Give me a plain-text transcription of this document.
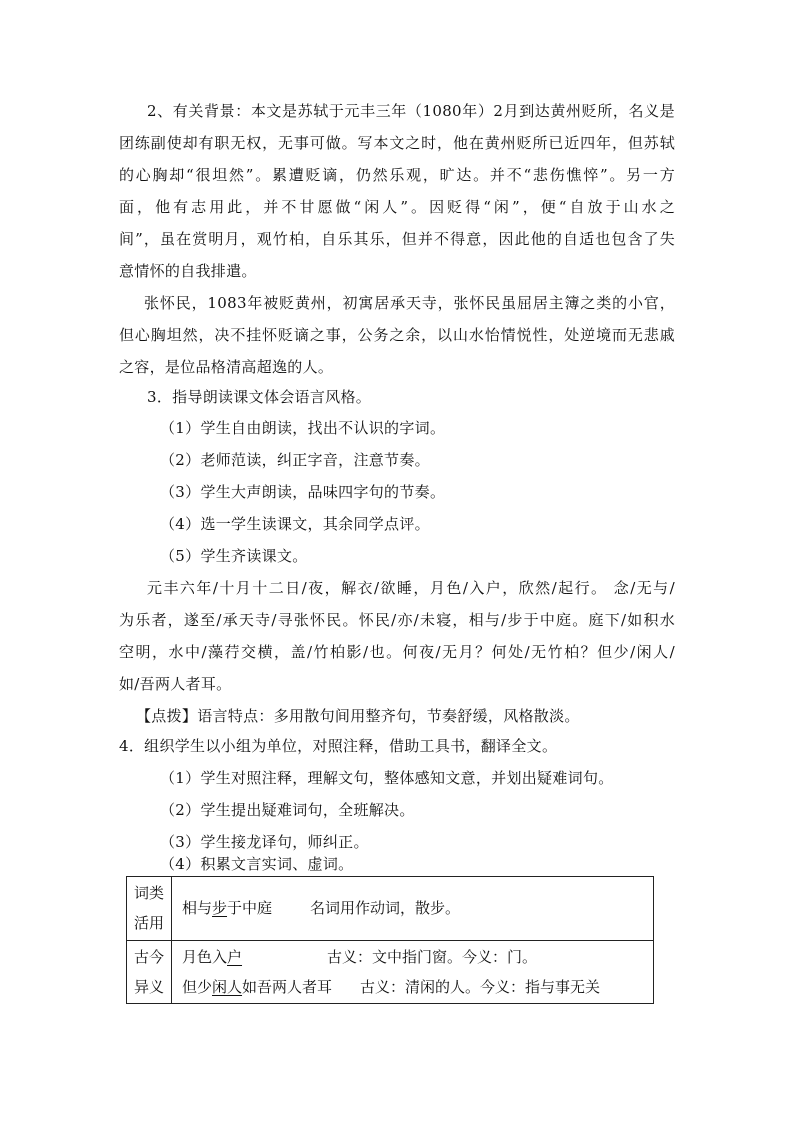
2、有关背景：本文是苏轼于元丰三年（1080年）2月到达黄州贬所，名义是
团练副使却有职无权，无事可做。写本文之时，他在黄州贬所已近四年，但苏轼
的心胸却“很坦然”。累遭贬谪，仍然乐观，旷达。并不“悲伤憔悴”。另一方
面，他有志用此，并不甘愿做“闲人”。因贬得“闲”，便“自放于山水之
间”，虽在赏明月，观竹柏，自乐其乐，但并不得意，因此他的自适也包含了失
意情怀的自我排遣。
张怀民，1083年被贬黄州，初寓居承天寺，张怀民虽屈居主簿之类的小官，
但心胸坦然，决不挂怀贬谪之事，公务之余，以山水怡情悦性，处逆境而无悲戚
之容，是位品格清高超逸的人。
3．指导朗读课文体会语言风格。
（1）学生自由朗读，找出不认识的字词。
（2）老师范读，纠正字音，注意节奏。
（3）学生大声朗读，品味四字句的节奏。
（4）选一学生读课文，其余同学点评。
（5）学生齐读课文。
元丰六年/十月十二日/夜，解衣/欲睡，月色/入户，欣然/起行。 念/无与/
为乐者，遂至/承天寺/寻张怀民。怀民/亦/未寝，相与/步于中庭。庭下/如积水
空明，水中/藻荇交横，盖/竹柏影/也。何夜/无月？何处/无竹柏？但少/闲人/
如/吾两人者耳。
【点拨】语言特点：多用散句间用整齐句，节奏舒缓，风格散淡。
4．组织学生以小组为单位，对照注释，借助工具书，翻译全文。
（1）学生对照注释，理解文句，整体感知文意，并划出疑难词句。
（2）学生提出疑难词句，全班解决。
（3）学生接龙译句，师纠正。
（4）积累文言实词、虚词。
词类
活用	相与步于中庭 名词用作动词，散步。

古今
异义	月色入户 古义：文中指门窗。今义：门。
但少闲人如吾两人者耳 古义：清闲的人。今义：指与事无关
